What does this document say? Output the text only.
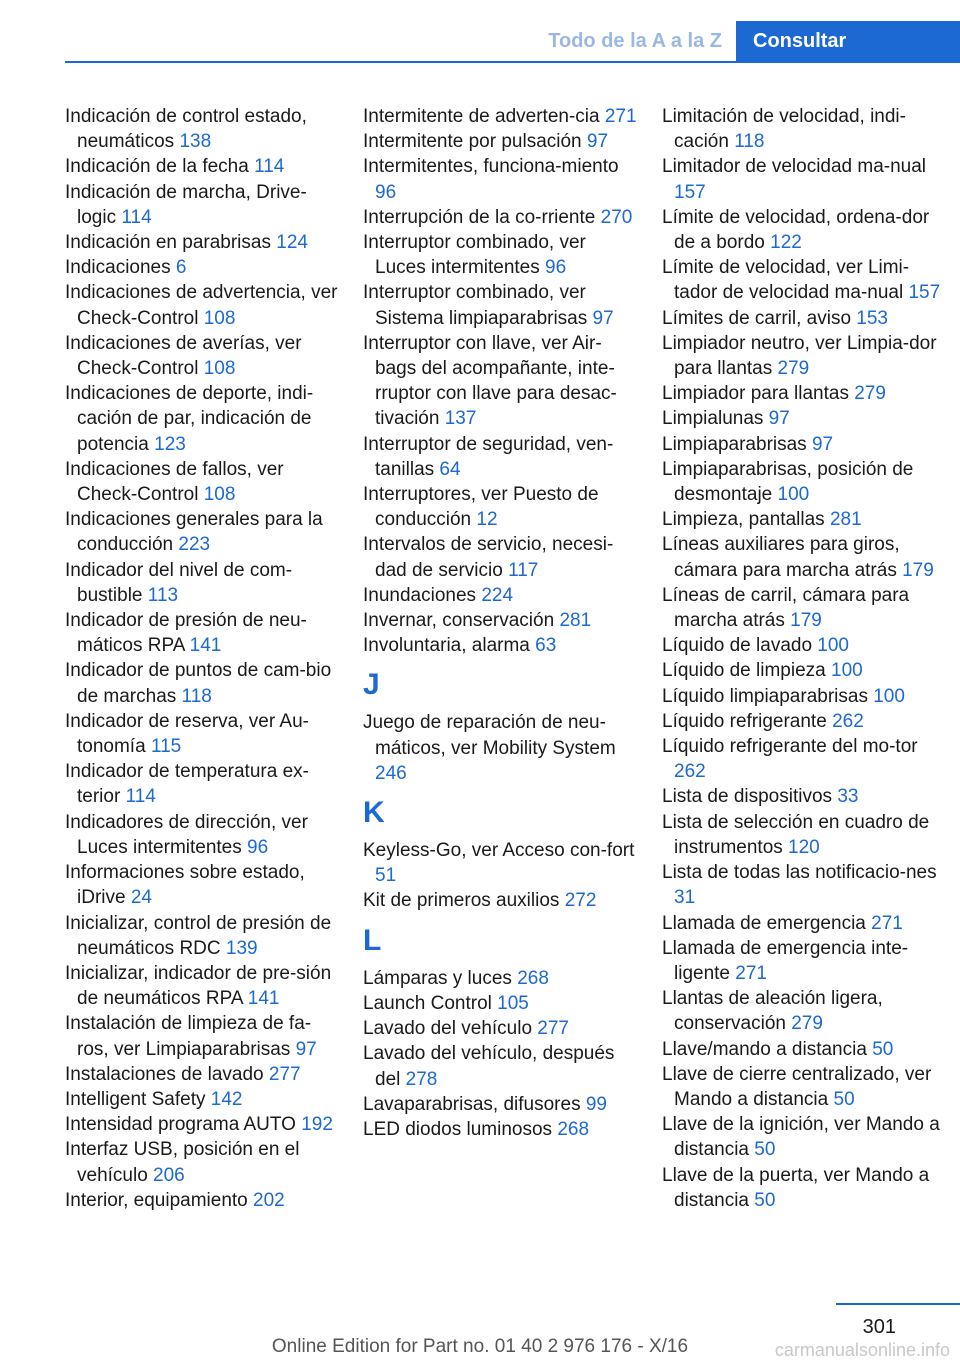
Todo de la A a la Z	Consultar
Indicación de control estado, neumáticos 138
Indicación de la fecha 114
Indicación de marcha, Drive‐logic 114
Indicación en parabrisas 124
Indicaciones 6
Indicaciones de advertencia, ver Check-Control 108
Indicaciones de averías, ver Check-Control 108
Indicaciones de deporte, indi‐cación de par, indicación de potencia 123
Indicaciones de fallos, ver Check-Control 108
Indicaciones generales para la conducción 223
Indicador del nivel de com‐bustible 113
Indicador de presión de neu‐máticos RPA 141
Indicador de puntos de cam‐bio de marchas 118
Indicador de reserva, ver Au‐tonomía 115
Indicador de temperatura ex‐terior 114
Indicadores de dirección, ver Luces intermitentes 96
Informaciones sobre estado, iDrive 24
Inicializar, control de presión de neumáticos RDC 139
Inicializar, indicador de pre‐sión de neumáticos RPA 141
Instalación de limpieza de fa‐ros, ver Limpiaparabrisas 97
Instalaciones de lavado 277
Intelligent Safety 142
Intensidad programa AUTO 192
Interfaz USB, posición en el vehículo 206
Interior, equipamiento 202
Intermitente de adverten‐cia 271
Intermitente por pulsación 97
Intermitentes, funciona‐miento 96
Interrupción de la co‐rriente 270
Interruptor combinado, ver Luces intermitentes 96
Interruptor combinado, ver Sistema limpiaparabrisas 97
Interruptor con llave, ver Air‐bags del acompañante, inte‐rruptor con llave para desac‐tivación 137
Interruptor de seguridad, ven‐tanillas 64
Interruptores, ver Puesto de conducción 12
Intervalos de servicio, necesi‐dad de servicio 117
Inundaciones 224
Invernar, conservación 281
Involuntaria, alarma 63
J
Juego de reparación de neu‐máticos, ver Mobility System 246
K
Keyless-Go, ver Acceso con‐fort 51
Kit de primeros auxilios 272
L
Lámparas y luces 268
Launch Control 105
Lavado del vehículo 277
Lavado del vehículo, después del 278
Lavaparabrisas, difusores 99
LED diodos luminosos 268
Limitación de velocidad, indi‐cación 118
Limitador de velocidad ma‐nual 157
Límite de velocidad, ordena‐dor de a bordo 122
Límite de velocidad, ver Limi‐tador de velocidad ma‐nual 157
Límites de carril, aviso 153
Limpiador neutro, ver Limpia‐dor para llantas 279
Limpiador para llantas 279
Limpialunas 97
Limpiaparabrisas 97
Limpiaparabrisas, posición de desmontaje 100
Limpieza, pantallas 281
Líneas auxiliares para giros, cámara para marcha atrás 179
Líneas de carril, cámara para marcha atrás 179
Líquido de lavado 100
Líquido de limpieza 100
Líquido limpiaparabrisas 100
Líquido refrigerante 262
Líquido refrigerante del mo‐tor 262
Lista de dispositivos 33
Lista de selección en cuadro de instrumentos 120
Lista de todas las notificacio‐nes 31
Llamada de emergencia 271
Llamada de emergencia inte‐ligente 271
Llantas de aleación ligera, conservación 279
Llave/mando a distancia 50
Llave de cierre centralizado, ver Mando a distancia 50
Llave de la ignición, ver Mando a distancia 50
Llave de la puerta, ver Mando a distancia 50
301
Online Edition for Part no. 01 40 2 976 176 - X/16	carmanualsonline.info
